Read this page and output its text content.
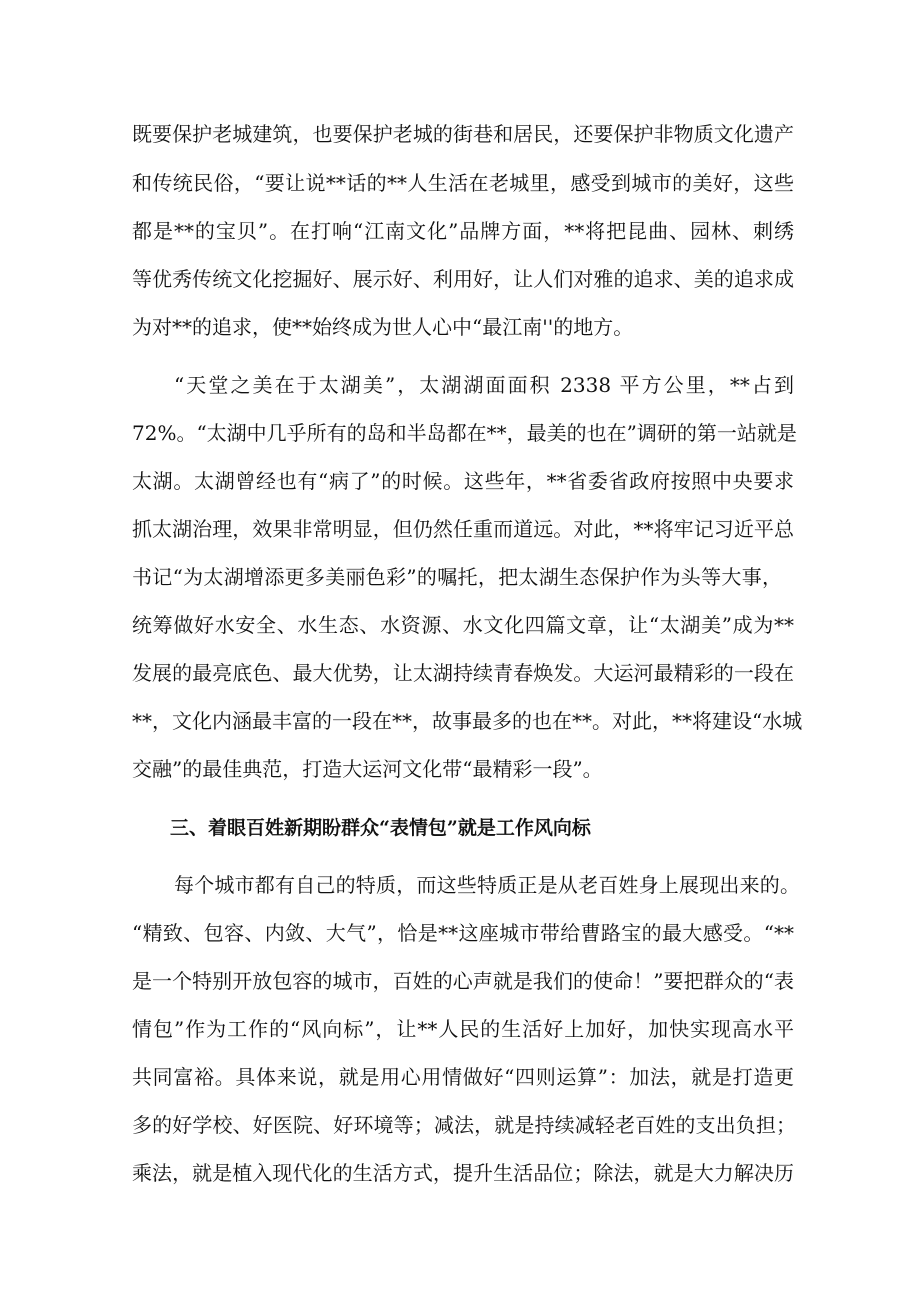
既要保护老城建筑，也要保护老城的街巷和居民，还要保护非物质文化遗产
和传统民俗，“要让说**话的**人生活在老城里，感受到城市的美好，这些
都是**的宝贝”。在打响“江南文化”品牌方面，**将把昆曲、园林、刺绣
等优秀传统文化挖掘好、展示好、利用好，让人们对雅的追求、美的追求成
为对**的追求，使**始终成为世人心中“最江南''的地方。
“天堂之美在于太湖美”，太湖湖面面积 2338 平方公里，**占到
72%。“太湖中几乎所有的岛和半岛都在**，最美的也在”调研的第一站就是
太湖。太湖曾经也有“病了”的时候。这些年，**省委省政府按照中央要求
抓太湖治理，效果非常明显，但仍然任重而道远。对此，**将牢记习近平总
书记“为太湖增添更多美丽色彩”的嘱托，把太湖生态保护作为头等大事，
统筹做好水安全、水生态、水资源、水文化四篇文章，让“太湖美”成为**
发展的最亮底色、最大优势，让太湖持续青春焕发。大运河最精彩的一段在
**，文化内涵最丰富的一段在**，故事最多的也在**。对此，**将建设“水城
交融”的最佳典范，打造大运河文化带“最精彩一段”。
三、着眼百姓新期盼群众“表情包”就是工作风向标
每个城市都有自己的特质，而这些特质正是从老百姓身上展现出来的。
“精致、包容、内敛、大气”，恰是**这座城市带给曹路宝的最大感受。“**
是一个特别开放包容的城市，百姓的心声就是我们的使命！”要把群众的“表
情包”作为工作的“风向标”，让**人民的生活好上加好，加快实现高水平
共同富裕。具体来说，就是用心用情做好“四则运算”：加法，就是打造更
多的好学校、好医院、好环境等；减法，就是持续减轻老百姓的支出负担；
乘法，就是植入现代化的生活方式，提升生活品位；除法，就是大力解决历
